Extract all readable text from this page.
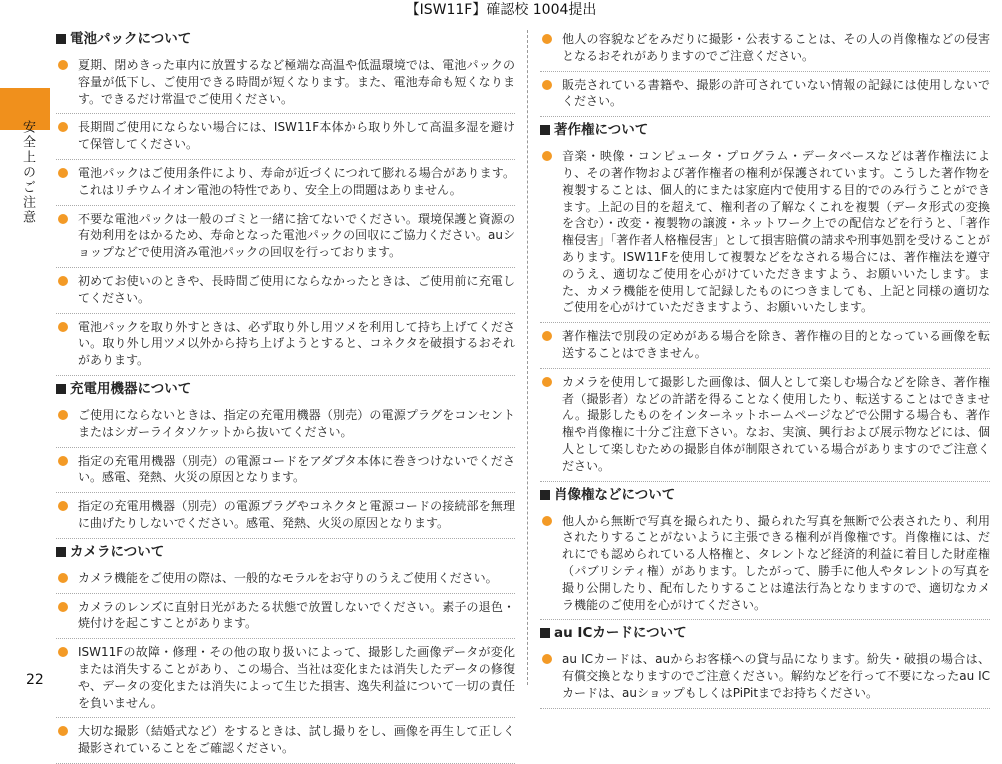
【ISW11F】確認校 1004提出
安全上のご注意
22
電池パックについて
夏期、閉めきった車内に放置するなど極端な高温や低温環境では、電池パックの容量が低下し、ご使用できる時間が短くなります。また、電池寿命も短くなります。できるだけ常温でご使用ください。
長期間ご使用にならない場合には、ISW11F本体から取り外して高温多湿を避けて保管してください。
電池パックはご使用条件により、寿命が近づくにつれて膨れる場合があります。これはリチウムイオン電池の特性であり、安全上の問題はありません。
不要な電池パックは一般のゴミと一緒に捨てないでください。環境保護と資源の有効利用をはかるため、寿命となった電池パックの回収にご協力ください。auショップなどで使用済み電池パックの回収を行っております。
初めてお使いのときや、長時間ご使用にならなかったときは、ご使用前に充電してください。
電池パックを取り外すときは、必ず取り外し用ツメを利用して持ち上げてください。取り外し用ツメ以外から持ち上げようとすると、コネクタを破損するおそれがあります。
充電用機器について
ご使用にならないときは、指定の充電用機器（別売）の電源プラグをコンセントまたはシガーライタソケットから抜いてください。
指定の充電用機器（別売）の電源コードをアダプタ本体に巻きつけないでください。感電、発熱、火災の原因となります。
指定の充電用機器（別売）の電源プラグやコネクタと電源コードの接続部を無理に曲げたりしないでください。感電、発熱、火災の原因となります。
カメラについて
カメラ機能をご使用の際は、一般的なモラルをお守りのうえご使用ください。
カメラのレンズに直射日光があたる状態で放置しないでください。素子の退色・焼付けを起こすことがあります。
ISW11Fの故障・修理・その他の取り扱いによって、撮影した画像データが変化または消失することがあり、この場合、当社は変化または消失したデータの修復や、データの変化または消失によって生じた損害、逸失利益について一切の責任を負いません。
大切な撮影（結婚式など）をするときは、試し撮りをし、画像を再生して正しく撮影されていることをご確認ください。
他人の容貌などをみだりに撮影・公表することは、その人の肖像権などの侵害となるおそれがありますのでご注意ください。
販売されている書籍や、撮影の許可されていない情報の記録には使用しないでください。
著作権について
音楽・映像・コンピュータ・プログラム・データベースなどは著作権法により、その著作物および著作権者の権利が保護されています。こうした著作物を複製することは、個人的にまたは家庭内で使用する目的でのみ行うことができます。上記の目的を超えて、権利者の了解なくこれを複製（データ形式の変換を含む）・改変・複製物の譲渡・ネットワーク上での配信などを行うと、「著作権侵害」「著作者人格権侵害」として損害賠償の請求や刑事処罰を受けることがあります。ISW11Fを使用して複製などをなされる場合には、著作権法を遵守のうえ、適切なご使用を心がけていただきますよう、お願いいたします。また、カメラ機能を使用して記録したものにつきましても、上記と同様の適切なご使用を心がけていただきますよう、お願いいたします。
著作権法で別段の定めがある場合を除き、著作権の目的となっている画像を転送することはできません。
カメラを使用して撮影した画像は、個人として楽しむ場合などを除き、著作権者（撮影者）などの許諾を得ることなく使用したり、転送することはできません。撮影したものをインターネットホームページなどで公開する場合も、著作権や肖像権に十分ご注意下さい。なお、実演、興行および展示物などには、個人として楽しむための撮影自体が制限されている場合がありますのでご注意ください。
肖像権などについて
他人から無断で写真を撮られたり、撮られた写真を無断で公表されたり、利用されたりすることがないように主張できる権利が肖像権です。肖像権には、だれにでも認められている人格権と、タレントなど経済的利益に着目した財産権（パブリシティ権）があります。したがって、勝手に他人やタレントの写真を撮り公開したり、配布したりすることは違法行為となりますので、適切なカメラ機能のご使用を心がけてください。
au ICカードについて
au ICカードは、auからお客様への貸与品になります。紛失・破損の場合は、有償交換となりますのでご注意ください。解約などを行って不要になったau ICカードは、auショップもしくはPiPitまでお持ちください。
